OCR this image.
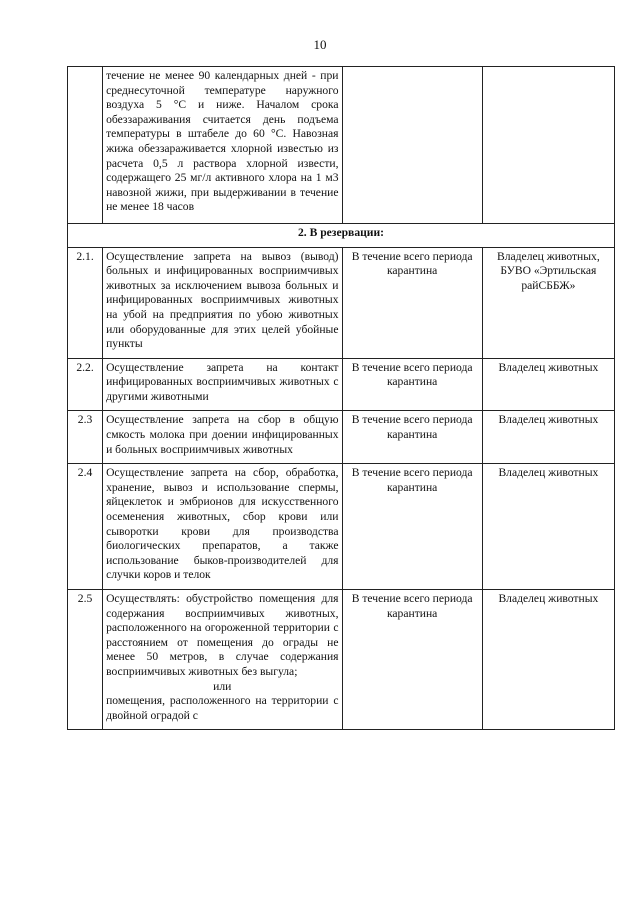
10
	течение не менее 90 календарных дней - при среднесуточной температуре наружного воздуха 5 °С и ниже. Началом срока обеззараживания считается день подъема температуры в штабеле до 60 °С. Навозная жижа обеззараживается хлорной известью из расчета 0,5 л раствора хлорной извести, содержащего 25 мг/л активного хлора на 1 м3 навозной жижи, при выдерживании в течение не менее 18 часов		
2. В резервации:			
2.1.	Осуществление запрета на вывоз (вывод) больных и инфицированных восприимчивых животных за исключением вывоза больных и инфицированных восприимчивых животных на убой на предприятия по убою животных или оборудованные для этих целей убойные пункты	В течение всего периода карантина	Владелец животных, БУВО «Эртильская райСББЖ»
2.2.	Осуществление запрета на контакт инфицированных восприимчивых животных с другими животными	В течение всего периода карантина	Владелец животных
2.3	Осуществление запрета на сбор в общую смкость молока при доении инфицированных и больных восприимчивых животных	В течение всего периода карантина	Владелец животных
2.4	Осуществление запрета на сбор, обработка, хранение, вывоз и использование спермы, яйцеклеток и эмбрионов для искусственного осеменения животных, сбор крови или сыворотки крови для производства биологических препаратов, а также использование быков-производителей для случки коров и телок	В течение всего периода карантина	Владелец животных
2.5	Осуществлять: обустройство помещения для содержания восприимчивых животных, расположенного на огороженной территории с расстоянием от помещения до ограды не менее 50 метров, в случае содержания восприимчивых животных без выгула;
или
помещения, расположенного на территории с двойной оградой с	В течение всего периода карантина	Владелец животных
